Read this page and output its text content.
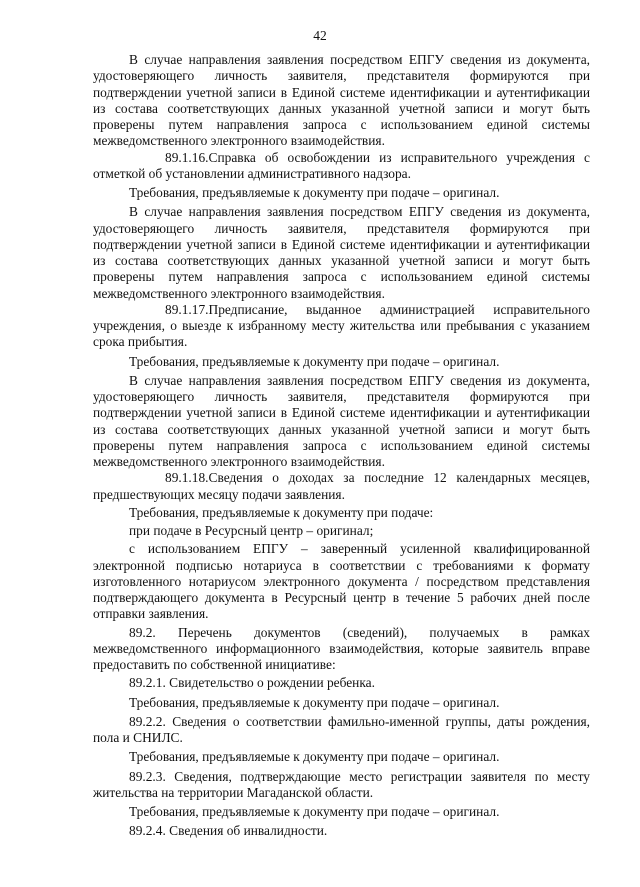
42

В случае направления заявления посредством ЕПГУ сведения из документа, удостоверяющего личность заявителя, представителя формируются при подтверждении учетной записи в Единой системе идентификации и аутентификации из состава соответствующих данных указанной учетной записи и могут быть проверены путем направления запроса с использованием единой системы межведомственного электронного взаимодействия.

89.1.16.Справка об освобождении из исправительного учреждения с отметкой об установлении административного надзора.

Требования, предъявляемые к документу при подаче – оригинал.

В случае направления заявления посредством ЕПГУ сведения из документа, удостоверяющего личность заявителя, представителя формируются при подтверждении учетной записи в Единой системе идентификации и аутентификации из состава соответствующих данных указанной учетной записи и могут быть проверены путем направления запроса с использованием единой системы межведомственного электронного взаимодействия.

89.1.17.Предписание, выданное администрацией исправительного учреждения, о выезде к избранному месту жительства или пребывания с указанием срока прибытия.

Требования, предъявляемые к документу при подаче – оригинал.

В случае направления заявления посредством ЕПГУ сведения из документа, удостоверяющего личность заявителя, представителя формируются при подтверждении учетной записи в Единой системе идентификации и аутентификации из состава соответствующих данных указанной учетной записи и могут быть проверены путем направления запроса с использованием единой системы межведомственного электронного взаимодействия.

89.1.18.Сведения о доходах за последние 12 календарных месяцев, предшествующих месяцу подачи заявления.

Требования, предъявляемые к документу при подаче:

при подаче в Ресурсный центр – оригинал;

с использованием ЕПГУ – заверенный усиленной квалифицированной электронной подписью нотариуса в соответствии с требованиями к формату изготовленного нотариусом электронного документа / посредством представления подтверждающего документа в Ресурсный центр в течение 5 рабочих дней после отправки заявления.

89.2. Перечень документов (сведений), получаемых в рамках межведомственного информационного взаимодействия, которые заявитель вправе предоставить по собственной инициативе:

89.2.1. Свидетельство о рождении ребенка.

Требования, предъявляемые к документу при подаче – оригинал.

89.2.2. Сведения о соответствии фамильно-именной группы, даты рождения, пола и СНИЛС.

Требования, предъявляемые к документу при подаче – оригинал.

89.2.3. Сведения, подтверждающие место регистрации заявителя по месту жительства на территории Магаданской области.

Требования, предъявляемые к документу при подаче – оригинал.

89.2.4. Сведения об инвалидности.
